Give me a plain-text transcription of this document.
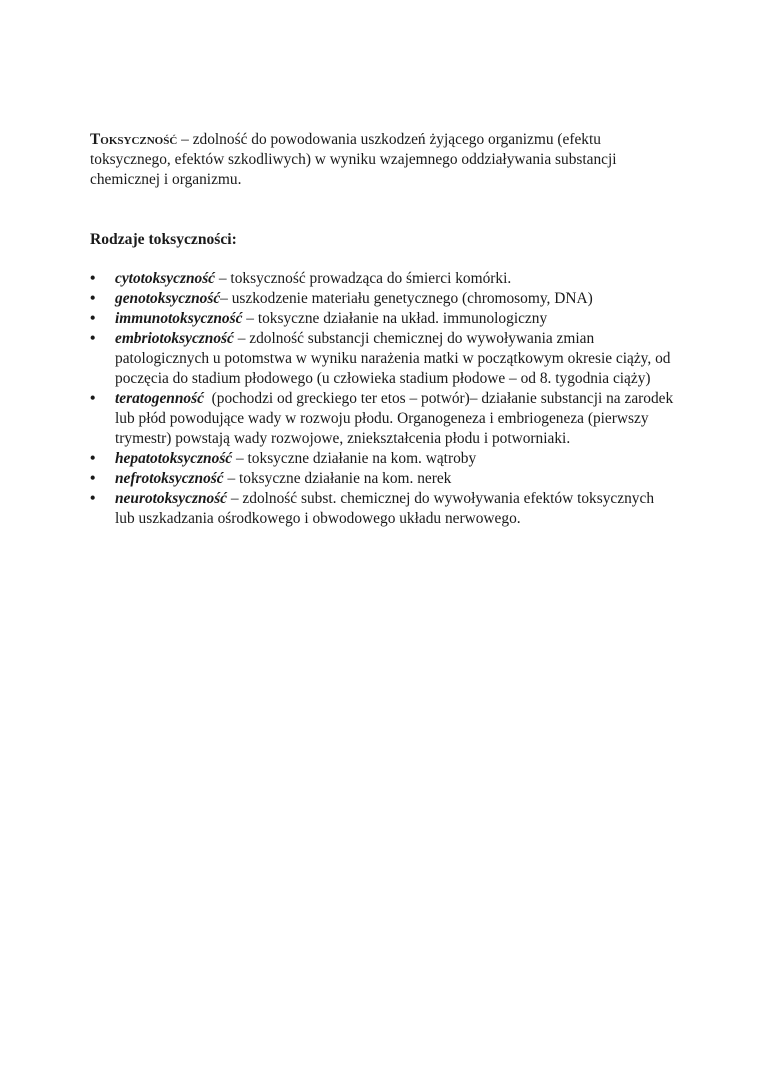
Toksyczność – zdolność do powodowania uszkodzeń żyjącego organizmu (efektu toksycznego, efektów szkodliwych) w wyniku wzajemnego oddziaływania substancji chemicznej i organizmu.

Rodzaje toksyczności:

•	cytotoksyczność – toksyczność prowadząca do śmierci komórki.
•	genotoksyczność– uszkodzenie materiału genetycznego (chromosomy, DNA)
•	immunotoksyczność – toksyczne działanie na układ. immunologiczny
•	embriotoksyczność – zdolność substancji chemicznej do wywoływania zmian patologicznych u potomstwa w wyniku narażenia matki w początkowym okresie ciąży, od poczęcia do stadium płodowego (u człowieka stadium płodowe – od 8. tygodnia ciąży)
•	teratogenność  (pochodzi od greckiego ter etos – potwór)– działanie substancji na zarodek lub płód powodujące wady w rozwoju płodu. Organogeneza i embriogeneza (pierwszy trymestr) powstają wady rozwojowe, zniekształcenia płodu i potworniaki.
•	hepatotoksyczność – toksyczne działanie na kom. wątroby
•	nefrotoksyczność – toksyczne działanie na kom. nerek
•	neurotoksyczność – zdolność subst. chemicznej do wywoływania efektów toksycznych lub uszkadzania ośrodkowego i obwodowego układu nerwowego.
